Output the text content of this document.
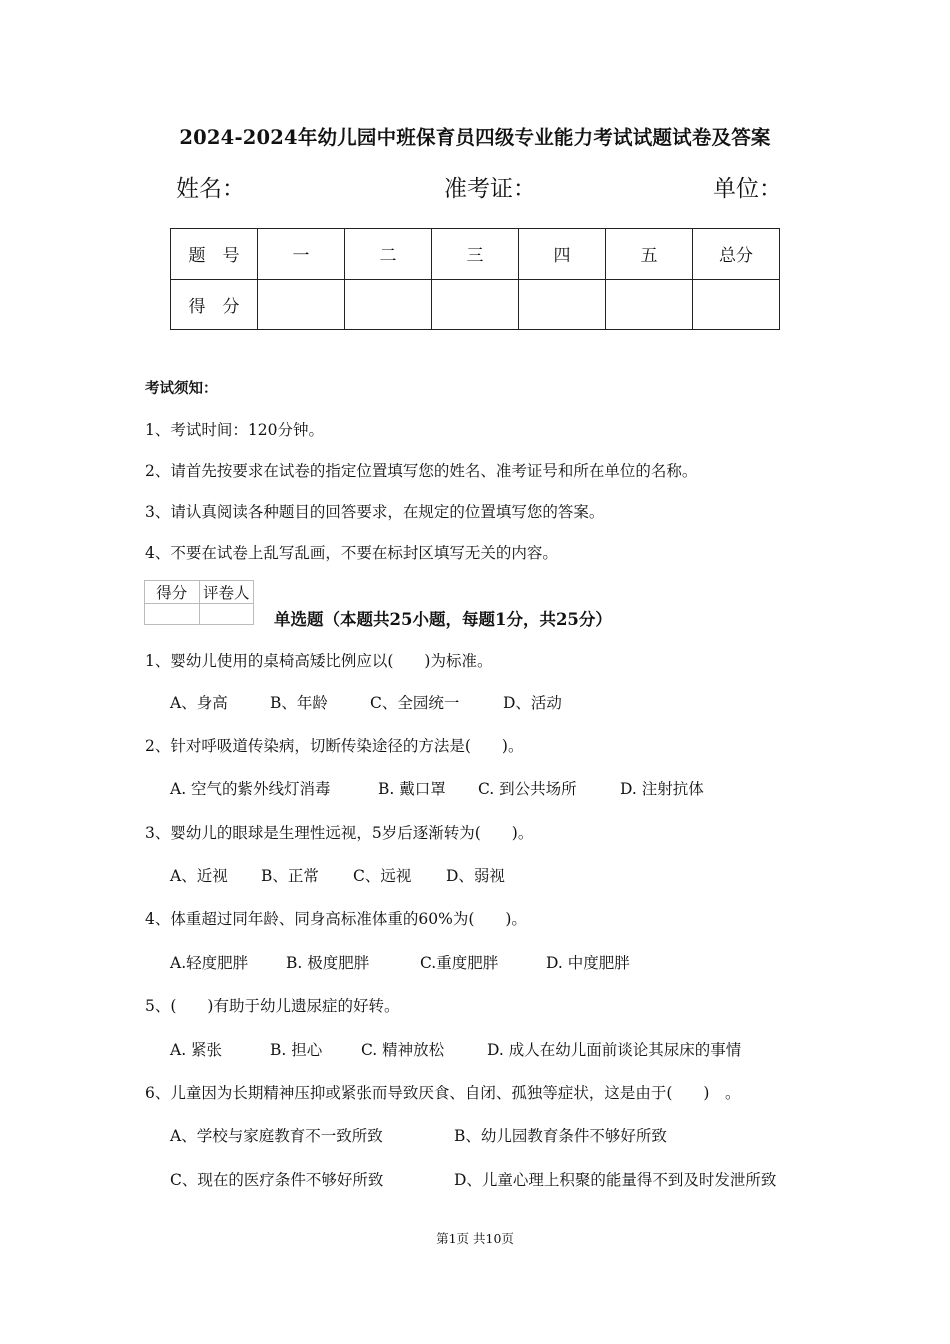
2024-2024年幼儿园中班保育员四级专业能力考试试题试卷及答案
姓名：	准考证：	单位：
题　号	一	二	三	四	五	总分
得　分						
考试须知：
1、考试时间：120分钟。
2、请首先按要求在试卷的指定位置填写您的姓名、准考证号和所在单位的名称。
3、请认真阅读各种题目的回答要求，在规定的位置填写您的答案。
4、不要在试卷上乱写乱画，不要在标封区填写无关的内容。
得分	评卷人

单选题（本题共25小题，每题1分，共25分）
1、婴幼儿使用的桌椅高矮比例应以(　　)为标准。
A、身高	B、年龄	C、全园统一	D、活动
2、针对呼吸道传染病，切断传染途径的方法是(　　)。
A. 空气的紫外线灯消毒	B. 戴口罩 C. 到公共场所	D. 注射抗体
3、婴幼儿的眼球是生理性远视，5岁后逐渐转为(　　)。
A、近视 B、正常 C、远视 D、弱视
4、体重超过同年龄、同身高标准体重的60%为(　　)。
A.轻度肥胖 B. 极度肥胖	C.重度肥胖	D. 中度肥胖
5、(　　)有助于幼儿遗尿症的好转。
A. 紧张	B. 担心	C. 精神放松	D. 成人在幼儿面前谈论其尿床的事情
6、儿童因为长期精神压抑或紧张而导致厌食、自闭、孤独等症状，这是由于(　　)　。
A、学校与家庭教育不一致所致	B、幼儿园教育条件不够好所致
C、现在的医疗条件不够好所致	D、儿童心理上积聚的能量得不到及时发泄所致
第1页 共10页
